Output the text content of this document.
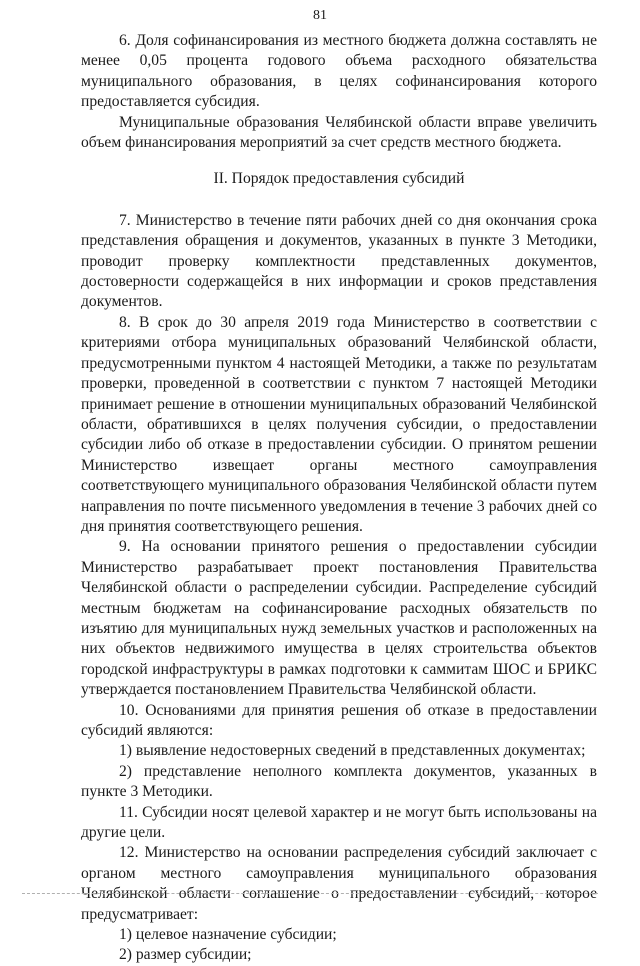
81

6. Доля софинансирования из местного бюджета должна составлять не менее 0,05 процента годового объема расходного обязательства муниципального образования, в целях софинансирования которого предоставляется субсидия.

Муниципальные образования Челябинской области вправе увеличить объем финансирования мероприятий за счет средств местного бюджета.

II. Порядок предоставления субсидий

7. Министерство в течение пяти рабочих дней со дня окончания срока представления обращения и документов, указанных в пункте 3 Методики, проводит проверку комплектности представленных документов, достоверности содержащейся в них информации и сроков представления документов.

8. В срок до 30 апреля 2019 года Министерство в соответствии с критериями отбора муниципальных образований Челябинской области, предусмотренными пунктом 4 настоящей Методики, а также по результатам проверки, проведенной в соответствии с пунктом 7 настоящей Методики принимает решение в отношении муниципальных образований Челябинской области, обратившихся в целях получения субсидии, о предоставлении субсидии либо об отказе в предоставлении субсидии. О принятом решении Министерство извещает органы местного самоуправления соответствующего муниципального образования Челябинской области путем направления по почте письменного уведомления в течение 3 рабочих дней со дня принятия соответствующего решения.

9. На основании принятого решения о предоставлении субсидии Министерство разрабатывает проект постановления Правительства Челябинской области о распределении субсидии. Распределение субсидий местным бюджетам на софинансирование расходных обязательств по изъятию для муниципальных нужд земельных участков и расположенных на них объектов недвижимого имущества в целях строительства объектов городской инфраструктуры в рамках подготовки к саммитам ШОС и БРИКС утверждается постановлением Правительства Челябинской области.

10. Основаниями для принятия решения об отказе в предоставлении субсидий являются:

1) выявление недостоверных сведений в представленных документах;

2) представление неполного комплекта документов, указанных в пункте 3 Методики.

11. Субсидии носят целевой характер и не могут быть использованы на другие цели.

12. Министерство на основании распределения субсидий заключает с органом местного самоуправления муниципального образования Челябинской области соглашение о предоставлении субсидий, которое предусматривает:

1) целевое назначение субсидии;

2) размер субсидии;
